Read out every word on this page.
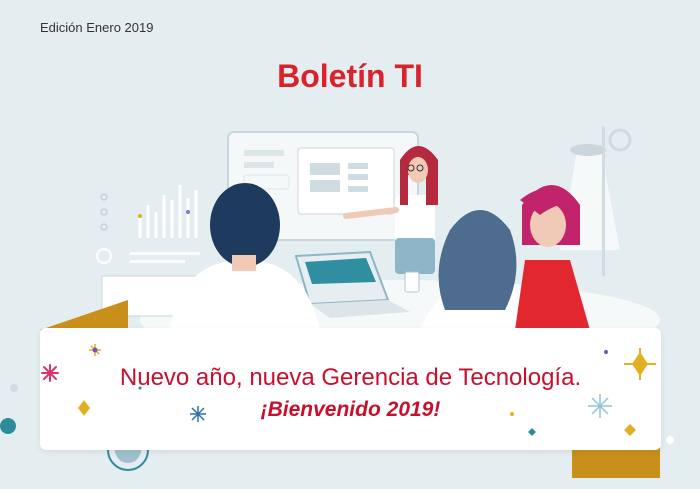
Edición Enero 2019
Boletín TI
Nuevo año, nueva Gerencia de Tecnología.
¡Bienvenido 2019!
